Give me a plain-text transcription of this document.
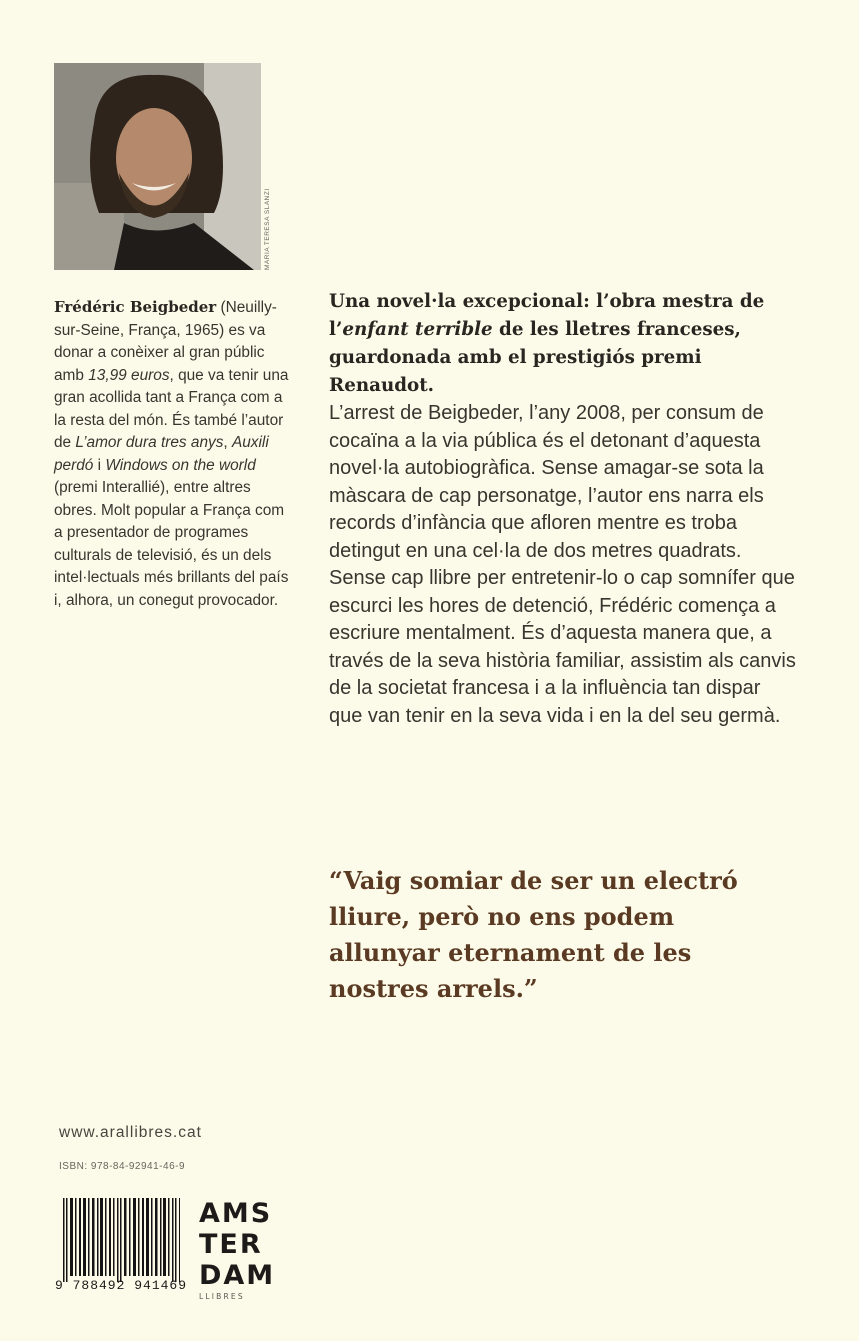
MARIA TERESA SLANZI
Frédéric Beigbeder (Neuilly-sur-Seine, França, 1965) es va donar a conèixer al gran públic amb 13,99 euros, que va tenir una gran acollida tant a França com a la resta del món. És també l’autor de L’amor dura tres anys, Auxili perdó i Windows on the world (premi Interallié), entre altres obres. Molt popular a França com a presentador de programes culturals de televisió, és un dels intel·lectuals més brillants del país i, alhora, un conegut provocador.
Una novel·la excepcional: l’obra mestra de l’enfant terrible de les lletres franceses, guardonada amb el prestigiós premi Renaudot.
L’arrest de Beigbeder, l’any 2008, per consum de cocaïna a la via pública és el detonant d’aquesta novel·la autobiogràfica. Sense amagar-se sota la màscara de cap personatge, l’autor ens narra els records d’infància que afloren mentre es troba detingut en una cel·la de dos metres quadrats. Sense cap llibre per entretenir-lo o cap somnífer que escurci les hores de detenció, Frédéric comença a escriure mentalment. És d’aquesta manera que, a través de la seva història familiar, assistim als canvis de la societat francesa i a la influència tan dispar que van tenir en la seva vida i en la del seu germà.
“Vaig somiar de ser un electró lliure, però no ens podem allunyar eternament de les nostres arrels.”
www.arallibres.cat
ISBN: 978-84-92941-46-9
9 788492 941469
AMS
TER
DAM
LLIBRES
